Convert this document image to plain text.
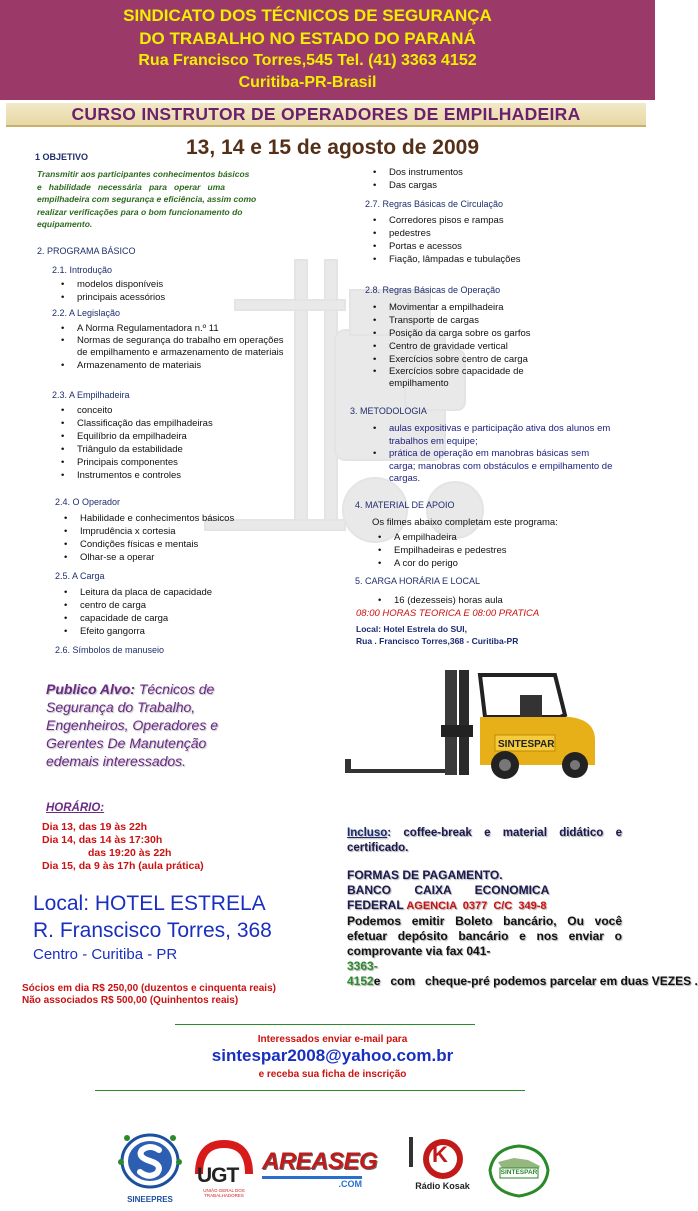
SINDICATO DOS TÉCNICOS DE SEGURANÇA
DO TRABALHO NO ESTADO DO PARANÁ
Rua Francisco Torres,545 Tel. (41) 3363 4152
Curitiba-PR-Brasil
CURSO INSTRUTOR DE OPERADORES DE EMPILHADEIRA
13, 14 e 15 de agosto de 2009
1 OBJETIVO
Transmitir aos participantes conhecimentos básicos
e   habilidade   necessária   para   operar   uma
empilhadeira com segurança e eficiência, assim como
realizar verificações para o bom funcionamento do
equipamento.
2. PROGRAMA BÁSICO
2.1. Introdução
• modelos disponíveis
• principais acessórios
2.2. A Legislação
• A Norma Regulamentadora n.º 11
• Normas de segurança do trabalho em operações de empilhamento e armazenamento de materiais
• Armazenamento de materiais
2.3. A Empilhadeira
• conceito
• Classificação das empilhadeiras
• Equilíbrio da empilhadeira
• Triângulo da estabilidade
• Principais componentes
• Instrumentos e controles
2.4. O Operador
• Habilidade e conhecimentos básicos
• Imprudência x cortesia
• Condições físicas e mentais
• Olhar-se a operar
2.5. A Carga
• Leitura da placa de capacidade
• centro de carga
• capacidade de carga
• Efeito gangorra
2.6. Símbolos de manuseio
• Dos instrumentos
• Das cargas
2.7. Regras Básicas de Circulação
• Corredores pisos e rampas
• pedestres
• Portas e acessos
• Fiação, lâmpadas e tubulações
2.8. Regras Básicas de Operação
• Movimentar a empilhadeira
• Transporte de cargas
• Posição da carga sobre os garfos
• Centro de gravidade vertical
• Exercícios sobre centro de carga
• Exercícios sobre capacidade de empilhamento
3. METODOLOGIA
• aulas expositivas e participação ativa dos alunos em trabalhos em equipe;
• prática de operação em manobras básicas sem carga; manobras com obstáculos e empilhamento de cargas.
4. MATERIAL DE APOIO
Os filmes abaixo completam este programa:
• A empilhadeira
• Empilhadeiras e pedestres
• A cor do perigo
5. CARGA HORÁRIA E LOCAL
• 16 (dezesseis) horas aula
08:00 HORAS TEORICA E 08:00 PRATICA
Local: Hotel Estrela do SUl,
Rua . Francisco Torres,368 - Curitiba-PR
Publico Alvo: Técnicos de
Segurança do Trabalho,
Engenheiros, Operadores e
Gerentes De Manutenção
edemais interessados.
SINTESPAR
HORÁRIO:
Dia 13, das 19 às 22h
Dia 14, das 14 às 17:30h
das 19:20 às 22h
Dia 15, da 9 às 17h (aula prática)
Incluso: coffee-break e material didático e certificado.
FORMAS DE PAGAMENTO.
BANCO       CAIXA       ECONOMICA
FEDERAL AGENCIA  0377  C/C  349-8
Podemos emitir Boleto bancário, Ou você efetuar depósito bancário e nos enviar o comprovante via fax 041-
3363-4152e   com   cheque-pré podemos parcelar em duas VEZES .
Local: HOTEL ESTRELA
R. Franscisco Torres, 368
Centro - Curitiba - PR
Sócios em dia R$ 250,00 (duzentos e cinquenta reais)
Não associados R$ 500,00 (Quinhentos reais)
Interessados enviar e-mail para
sintespar2008@yahoo.com.br
e receba sua ficha de inscrição
SINEEPRES
UGT
UNIÃO GERAL DOS TRABALHADORES
AREASEG
.COM
K
Rádio Kosak
SINTESPAR
